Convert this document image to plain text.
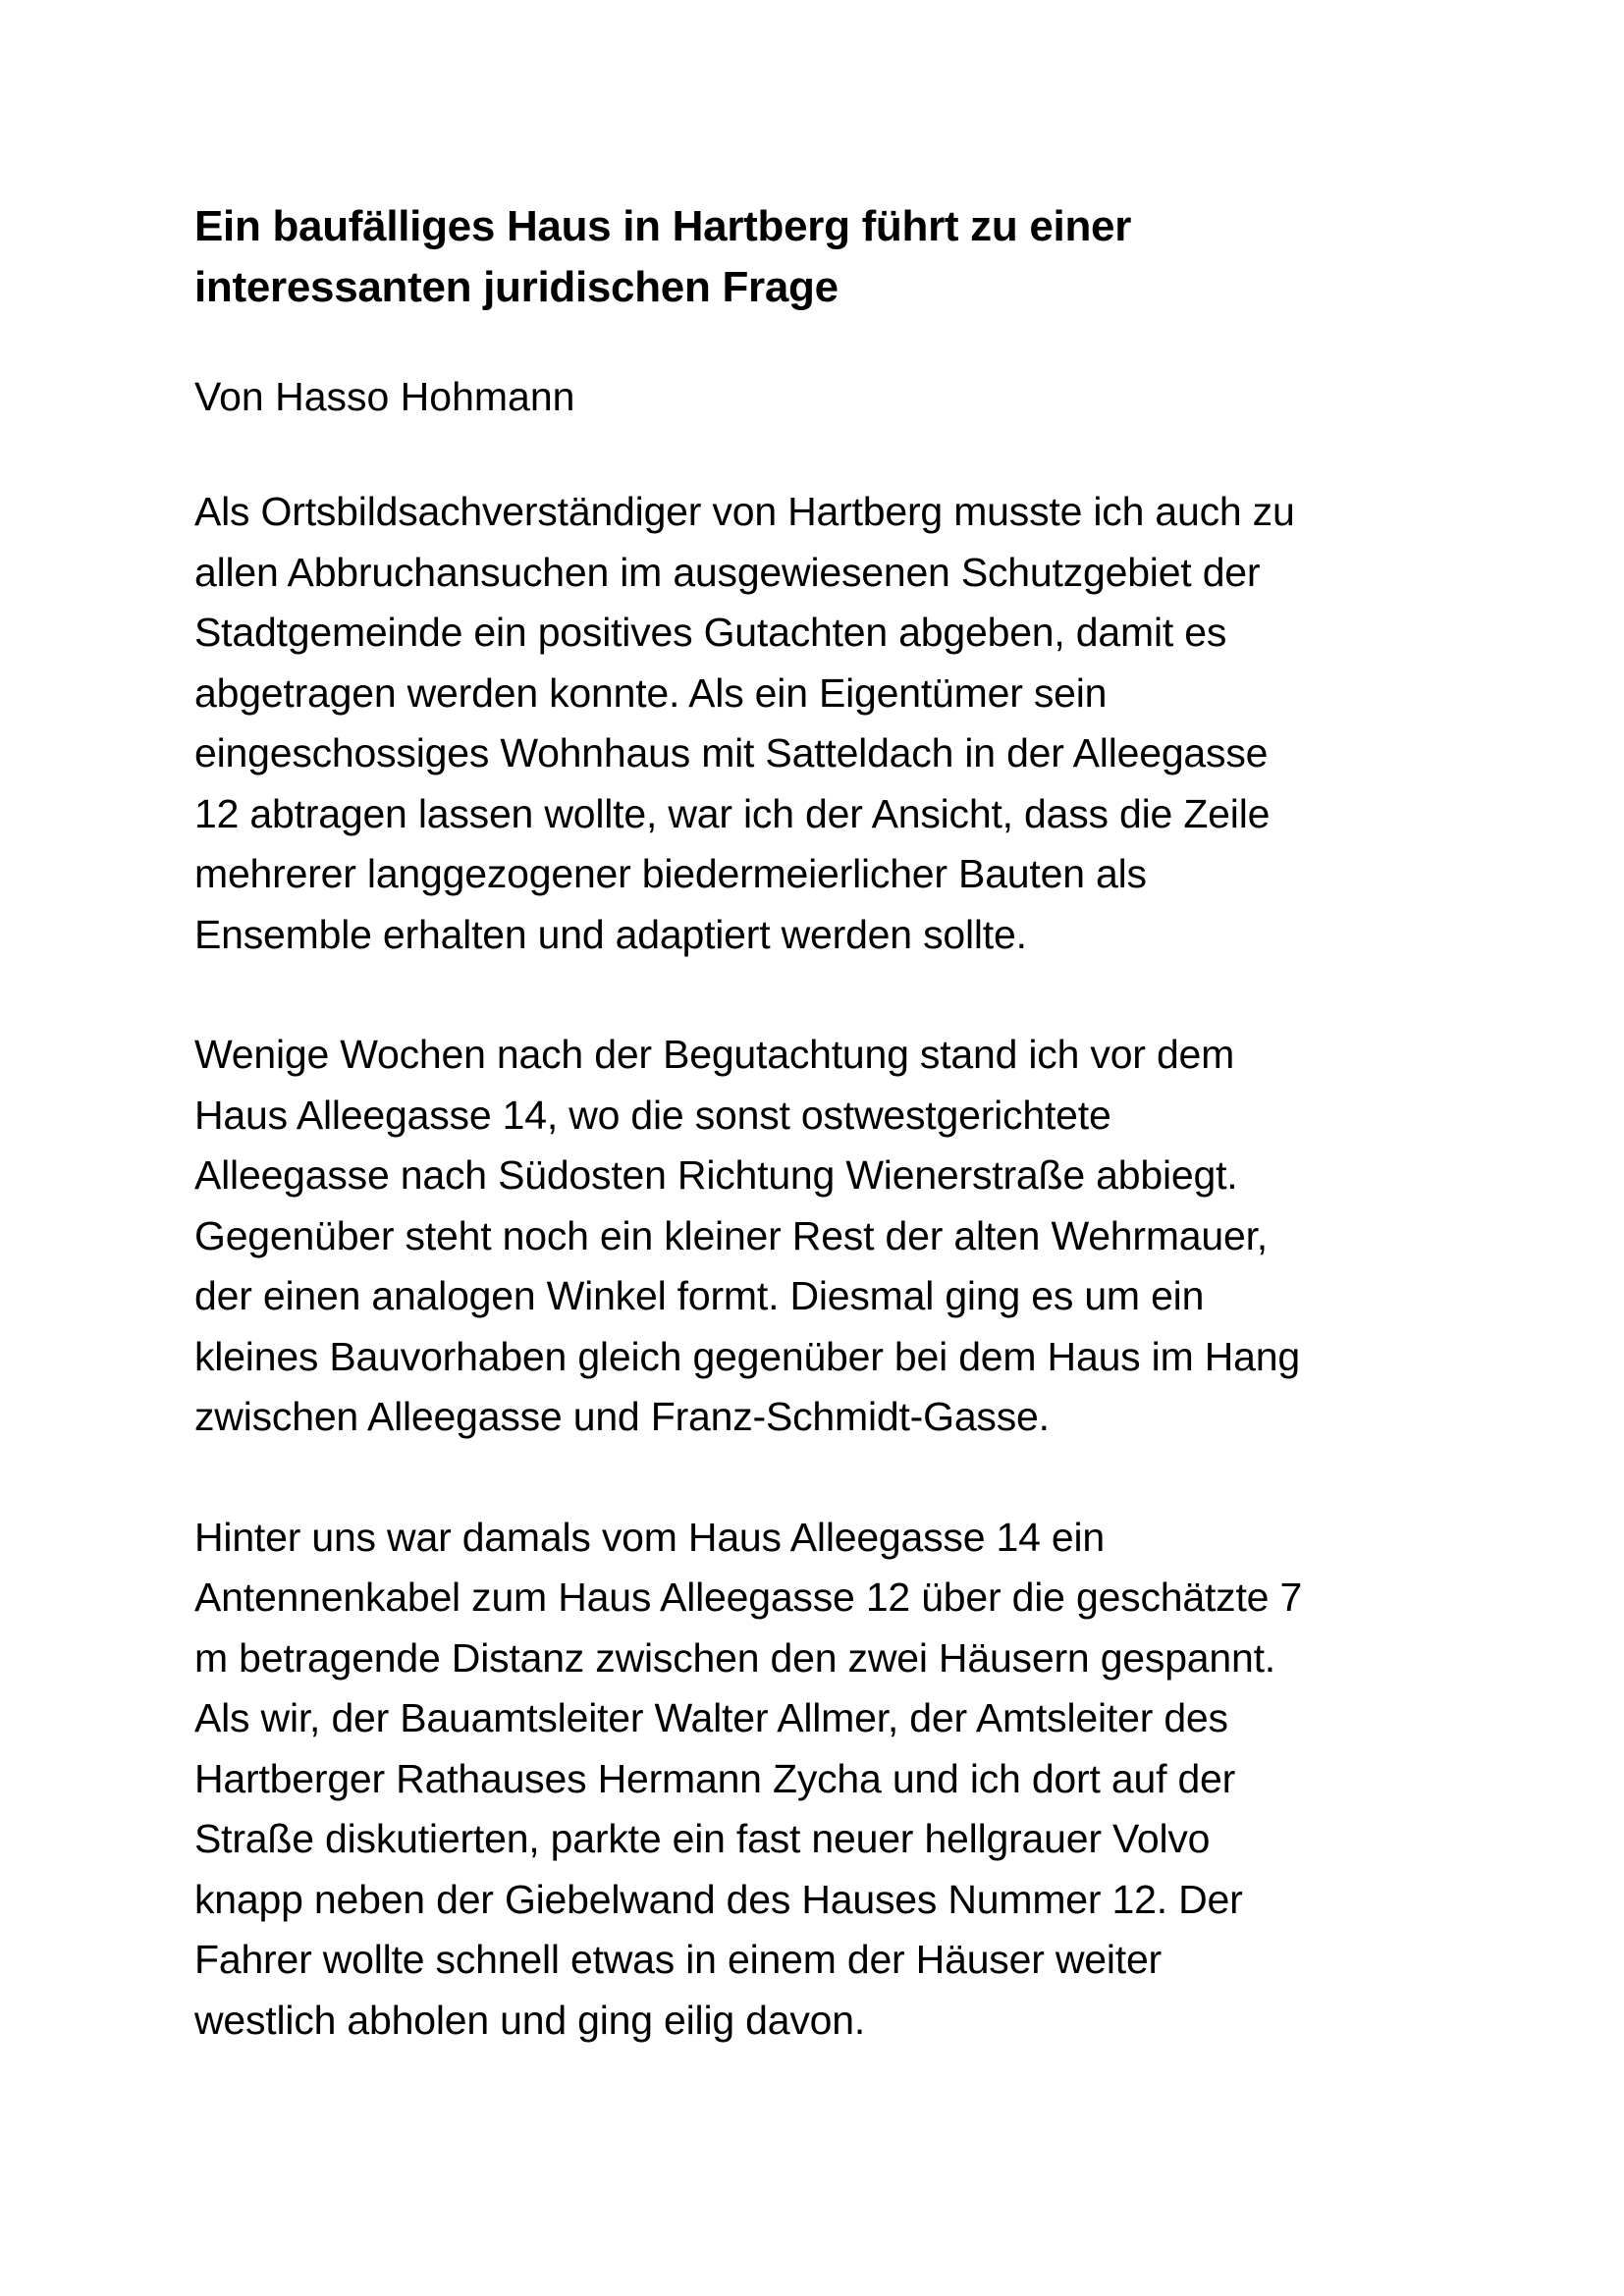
Ein baufälliges Haus in Hartberg führt zu einer
interessanten juridischen Frage

Von Hasso Hohmann

Als Ortsbildsachverständiger von Hartberg musste ich auch zu
allen Abbruchansuchen im ausgewiesenen Schutzgebiet der
Stadtgemeinde ein positives Gutachten abgeben, damit es
abgetragen werden konnte. Als ein Eigentümer sein
eingeschossiges Wohnhaus mit Satteldach in der Alleegasse
12 abtragen lassen wollte, war ich der Ansicht, dass die Zeile
mehrerer langgezogener biedermeierlicher Bauten als
Ensemble erhalten und adaptiert werden sollte.

Wenige Wochen nach der Begutachtung stand ich vor dem
Haus Alleegasse 14, wo die sonst ostwestgerichtete
Alleegasse nach Südosten Richtung Wienerstraße abbiegt.
Gegenüber steht noch ein kleiner Rest der alten Wehrmauer,
der einen analogen Winkel formt. Diesmal ging es um ein
kleines Bauvorhaben gleich gegenüber bei dem Haus im Hang
zwischen Alleegasse und Franz-Schmidt-Gasse.

Hinter uns war damals vom Haus Alleegasse 14 ein
Antennenkabel zum Haus Alleegasse 12 über die geschätzte 7
m betragende Distanz zwischen den zwei Häusern gespannt.
Als wir, der Bauamtsleiter Walter Allmer, der Amtsleiter des
Hartberger Rathauses Hermann Zycha und ich dort auf der
Straße diskutierten, parkte ein fast neuer hellgrauer Volvo
knapp neben der Giebelwand des Hauses Nummer 12. Der
Fahrer wollte schnell etwas in einem der Häuser weiter
westlich abholen und ging eilig davon.
